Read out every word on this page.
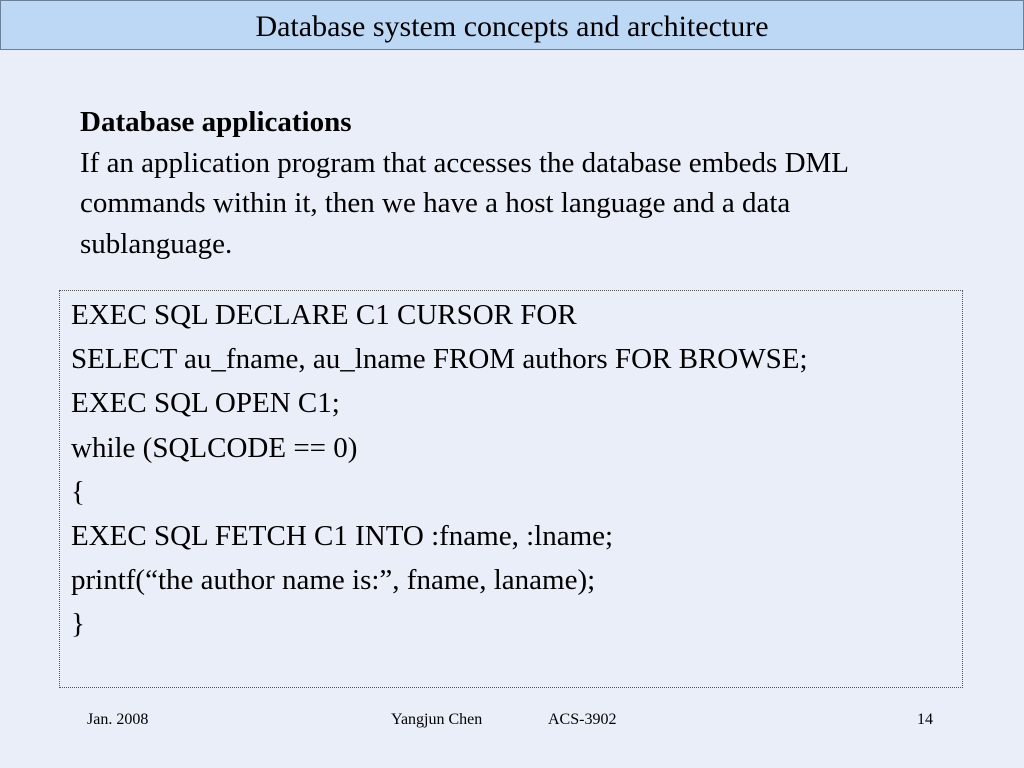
Database system concepts and architecture
Database applications
If an application program that accesses the database embeds DML commands within it, then we have a host language and a data sublanguage.
EXEC SQL DECLARE C1 CURSOR FOR
SELECT au_fname, au_lname FROM authors FOR BROWSE;
EXEC SQL OPEN C1;
while (SQLCODE == 0)
{
EXEC SQL FETCH C1 INTO :fname, :lname;
printf(“the author name is:”, fname, laname);
}
Jan. 2008	Yangjun Chen	ACS-3902	14
